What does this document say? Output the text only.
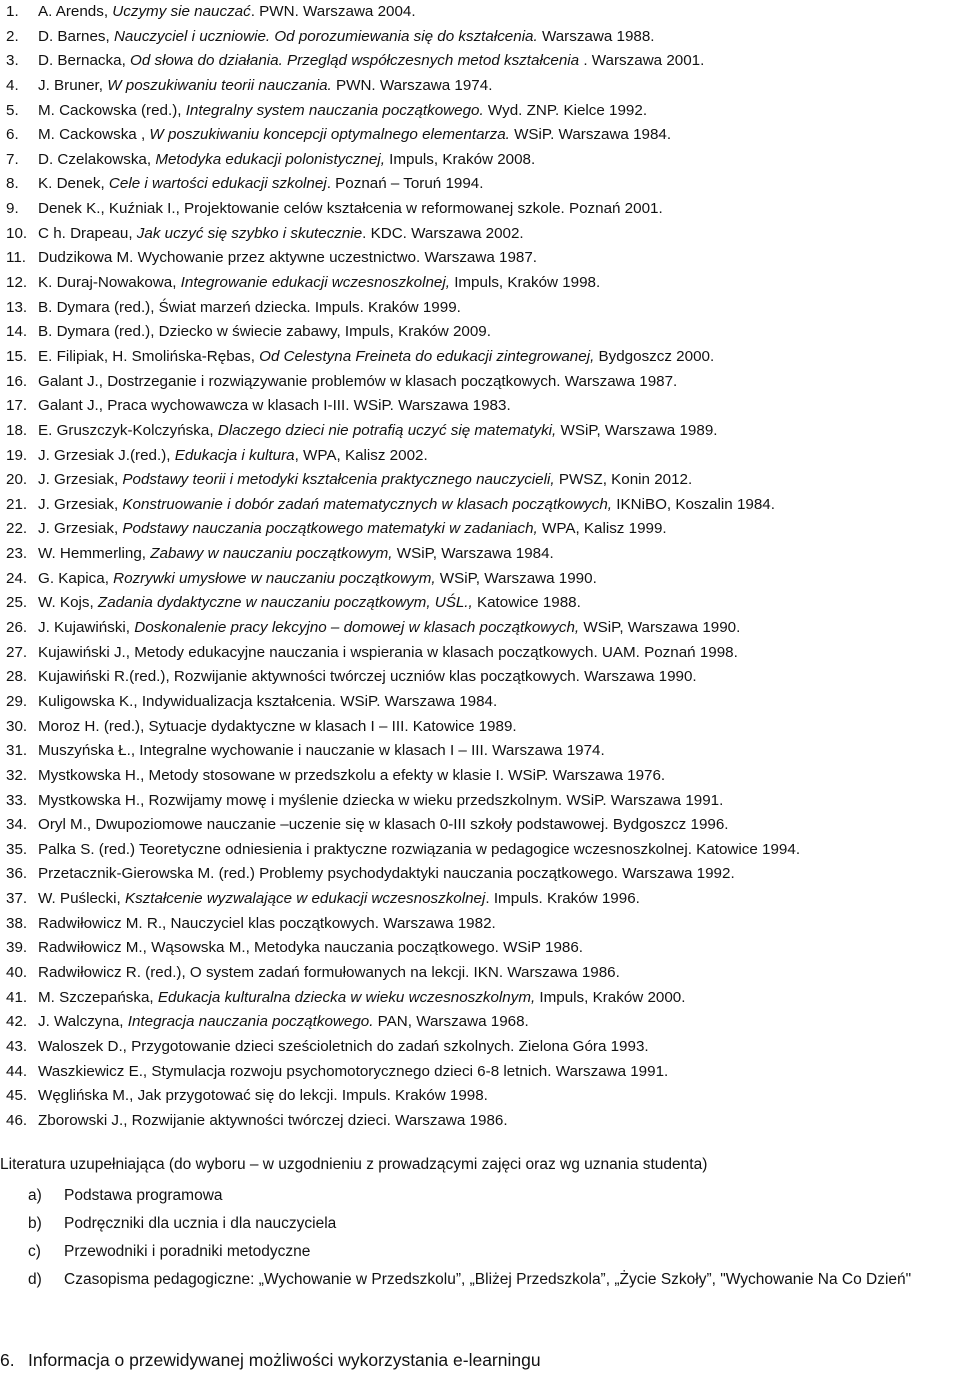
1.	A. Arends, Uczymy sie nauczać. PWN. Warszawa 2004.
2.	D. Barnes, Nauczyciel i uczniowie. Od porozumiewania się do kształcenia. Warszawa 1988.
3.	D. Bernacka, Od słowa do działania. Przegląd współczesnych metod kształcenia . Warszawa 2001.
4.	J. Bruner, W poszukiwaniu teorii nauczania. PWN. Warszawa 1974.
5.	M. Cackowska (red.), Integralny system nauczania początkowego. Wyd. ZNP. Kielce 1992.
6.	M. Cackowska , W poszukiwaniu koncepcji optymalnego elementarza. WSiP. Warszawa 1984.
7.	D. Czelakowska, Metodyka edukacji polonistycznej, Impuls, Kraków 2008.
8.	K. Denek, Cele i wartości edukacji szkolnej. Poznań – Toruń 1994.
9.	Denek K., Kuźniak I., Projektowanie celów kształcenia w reformowanej szkole. Poznań 2001.
10. C h. Drapeau, Jak uczyć się szybko i skutecznie. KDC. Warszawa 2002.
11. Dudzikowa M. Wychowanie przez aktywne uczestnictwo. Warszawa 1987.
12. K. Duraj-Nowakowa, Integrowanie edukacji wczesnoszkolnej, Impuls, Kraków 1998.
13. B. Dymara (red.), Świat marzeń dziecka. Impuls. Kraków 1999.
14. B. Dymara (red.), Dziecko w świecie zabawy, Impuls, Kraków 2009.
15. E. Filipiak, H. Smolińska-Rębas, Od Celestyna Freineta do edukacji zintegrowanej, Bydgoszcz 2000.
16. Galant J., Dostrzeganie i rozwiązywanie problemów w klasach początkowych. Warszawa 1987.
17. Galant J., Praca wychowawcza w klasach I-III. WSiP. Warszawa 1983.
18. E. Gruszczyk-Kolczyńska, Dlaczego dzieci nie potrafią uczyć się matematyki, WSiP, Warszawa 1989.
19. J. Grzesiak J.(red.), Edukacja i kultura, WPA, Kalisz 2002.
20. J. Grzesiak, Podstawy teorii i metodyki kształcenia praktycznego nauczycieli, PWSZ, Konin 2012.
21. J. Grzesiak, Konstruowanie i dobór zadań matematycznych w klasach początkowych, IKNiBO, Koszalin 1984.
22. J. Grzesiak, Podstawy nauczania początkowego matematyki w zadaniach, WPA, Kalisz 1999.
23. W. Hemmerling, Zabawy w nauczaniu początkowym, WSiP, Warszawa 1984.
24. G. Kapica, Rozrywki umysłowe w nauczaniu początkowym, WSiP, Warszawa 1990.
25. W. Kojs, Zadania dydaktyczne w nauczaniu początkowym, UŚL., Katowice 1988.
26. J. Kujawiński, Doskonalenie pracy lekcyjno – domowej w klasach początkowych, WSiP, Warszawa 1990.
27. Kujawiński J., Metody edukacyjne nauczania i wspierania w klasach początkowych. UAM. Poznań 1998.
28. Kujawiński R.(red.), Rozwijanie aktywności twórczej uczniów klas początkowych. Warszawa 1990.
29. Kuligowska K., Indywidualizacja kształcenia. WSiP. Warszawa 1984.
30. Moroz H. (red.), Sytuacje dydaktyczne w klasach I – III. Katowice 1989.
31. Muszyńska Ł., Integralne wychowanie i nauczanie w klasach I – III. Warszawa 1974.
32. Mystkowska H., Metody stosowane w przedszkolu a efekty w klasie I. WSiP. Warszawa 1976.
33. Mystkowska H., Rozwijamy mowę i myślenie dziecka w wieku przedszkolnym. WSiP. Warszawa 1991.
34. Oryl M., Dwupoziomowe nauczanie –uczenie się w klasach 0-III szkoły podstawowej. Bydgoszcz 1996.
35. Palka S. (red.) Teoretyczne odniesienia i praktyczne rozwiązania w pedagogice wczesnoszkolnej. Katowice 1994.
36. Przetacznik-Gierowska M. (red.) Problemy psychodydaktyki nauczania początkowego. Warszawa 1992.
37. W. Puślecki, Kształcenie wyzwalające w edukacji wczesnoszkolnej. Impuls. Kraków 1996.
38. Radwiłowicz M. R., Nauczyciel klas początkowych. Warszawa 1982.
39. Radwiłowicz M., Wąsowska M., Metodyka nauczania początkowego. WSiP 1986.
40. Radwiłowicz R. (red.), O system zadań formułowanych na lekcji. IKN. Warszawa 1986.
41. M. Szczepańska, Edukacja kulturalna dziecka w wieku wczesnoszkolnym, Impuls, Kraków 2000.
42. J. Walczyna, Integracja nauczania początkowego. PAN, Warszawa 1968.
43. Waloszek D., Przygotowanie dzieci sześcioletnich do zadań szkolnych. Zielona Góra 1993.
44. Waszkiewicz E., Stymulacja rozwoju psychomotorycznego dzieci 6-8 letnich. Warszawa 1991.
45. Węglińska M., Jak przygotować się do lekcji. Impuls. Kraków 1998.
46. Zborowski J., Rozwijanie aktywności twórczej dzieci. Warszawa 1986.
Literatura uzupełniająca (do wyboru – w uzgodnieniu z prowadzącymi zajęci oraz wg uznania studenta)
a)	Podstawa programowa
b)	Podręczniki dla ucznia i dla nauczyciela
c)	Przewodniki i poradniki metodyczne
d)	Czasopisma pedagogiczne: „Wychowanie w Przedszkolu”, „Bliżej Przedszkola”, „Życie Szkoły”, "Wychowanie Na Co Dzień"
6. Informacja o przewidywanej możliwości wykorzystania e-learningu
